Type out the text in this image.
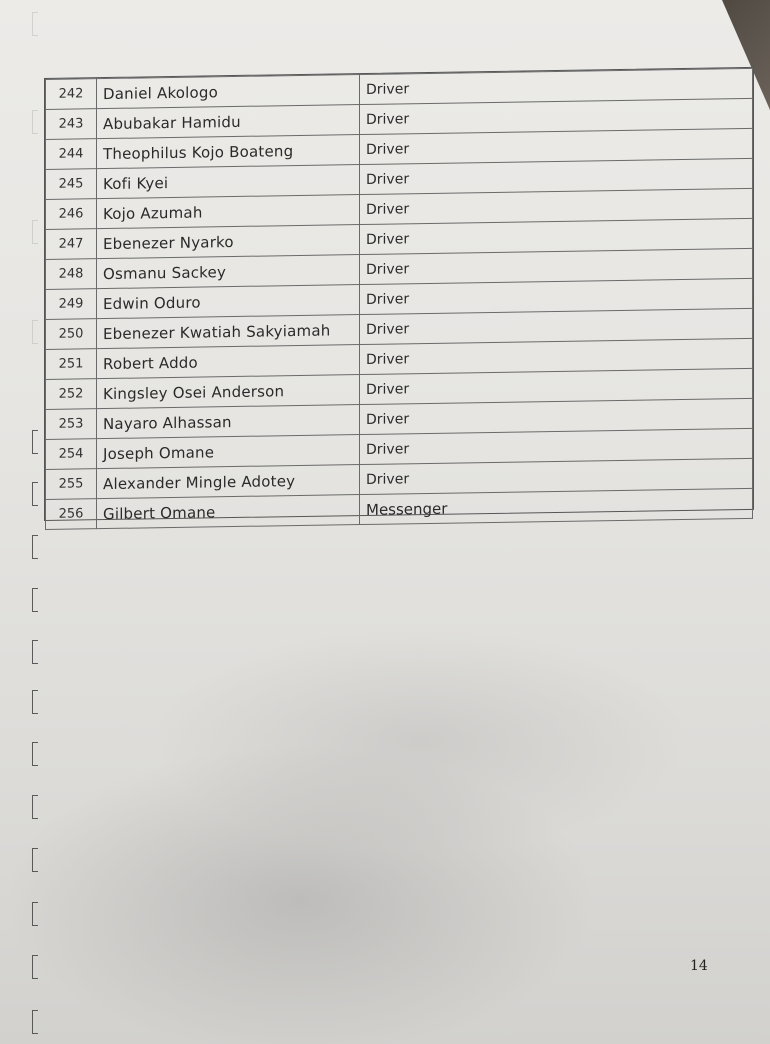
242	Daniel Akologo	Driver
243	Abubakar Hamidu	Driver
244	Theophilus Kojo Boateng	Driver
245	Kofi Kyei	Driver
246	Kojo Azumah	Driver
247	Ebenezer Nyarko	Driver
248	Osmanu Sackey	Driver
249	Edwin Oduro	Driver
250	Ebenezer Kwatiah Sakyiamah	Driver
251	Robert Addo	Driver
252	Kingsley Osei Anderson	Driver
253	Nayaro Alhassan	Driver
254	Joseph Omane	Driver
255	Alexander Mingle Adotey	Driver
256	Gilbert Omane	Messenger
14
